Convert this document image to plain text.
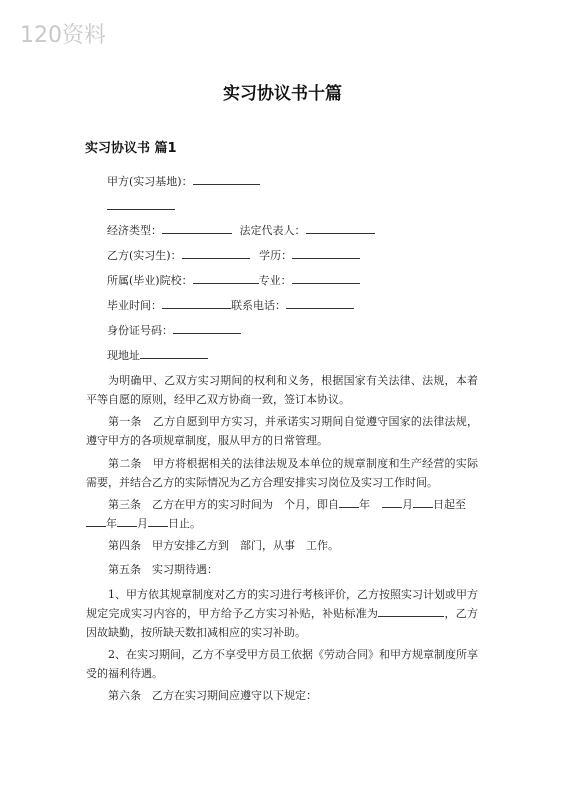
120资料
实习协议书十篇
实习协议书 篇1
甲方(实习基地)：
经济类型：	法定代表人：
乙方(实习生)：	学历：
所属(毕业)院校：	专业：
毕业时间：	联系电话：
身份证号码：
现地址
为明确甲、乙双方实习期间的权利和义务，根据国家有关法律、法规，本着平等自愿的原则，经甲乙双方协商一致，签订本协议。
第一条　乙方自愿到甲方实习，并承诺实习期间自觉遵守国家的法律法规，遵守甲方的各项规章制度，服从甲方的日常管理。
第二条　甲方将根据相关的法律法规及本单位的规章制度和生产经营的实际需要，并结合乙方的实际情况为乙方合理安排实习岗位及实习工作时间。
第三条　乙方在甲方的实习时间为　个月，即自 年	月 日起至年 月 日止。
第四条　甲方安排乙方到　部门，从事　工作。
第五条　实习期待遇：
1、甲方依其规章制度对乙方的实习进行考核评价，乙方按照实习计划或甲方规定完成实习内容的，甲方给予乙方实习补贴，补贴标准为	，乙方因故缺勤，按所缺天数扣减相应的实习补助。
2、在实习期间，乙方不享受甲方员工依据《劳动合同》和甲方规章制度所享受的福利待遇。
第六条　乙方在实习期间应遵守以下规定：
